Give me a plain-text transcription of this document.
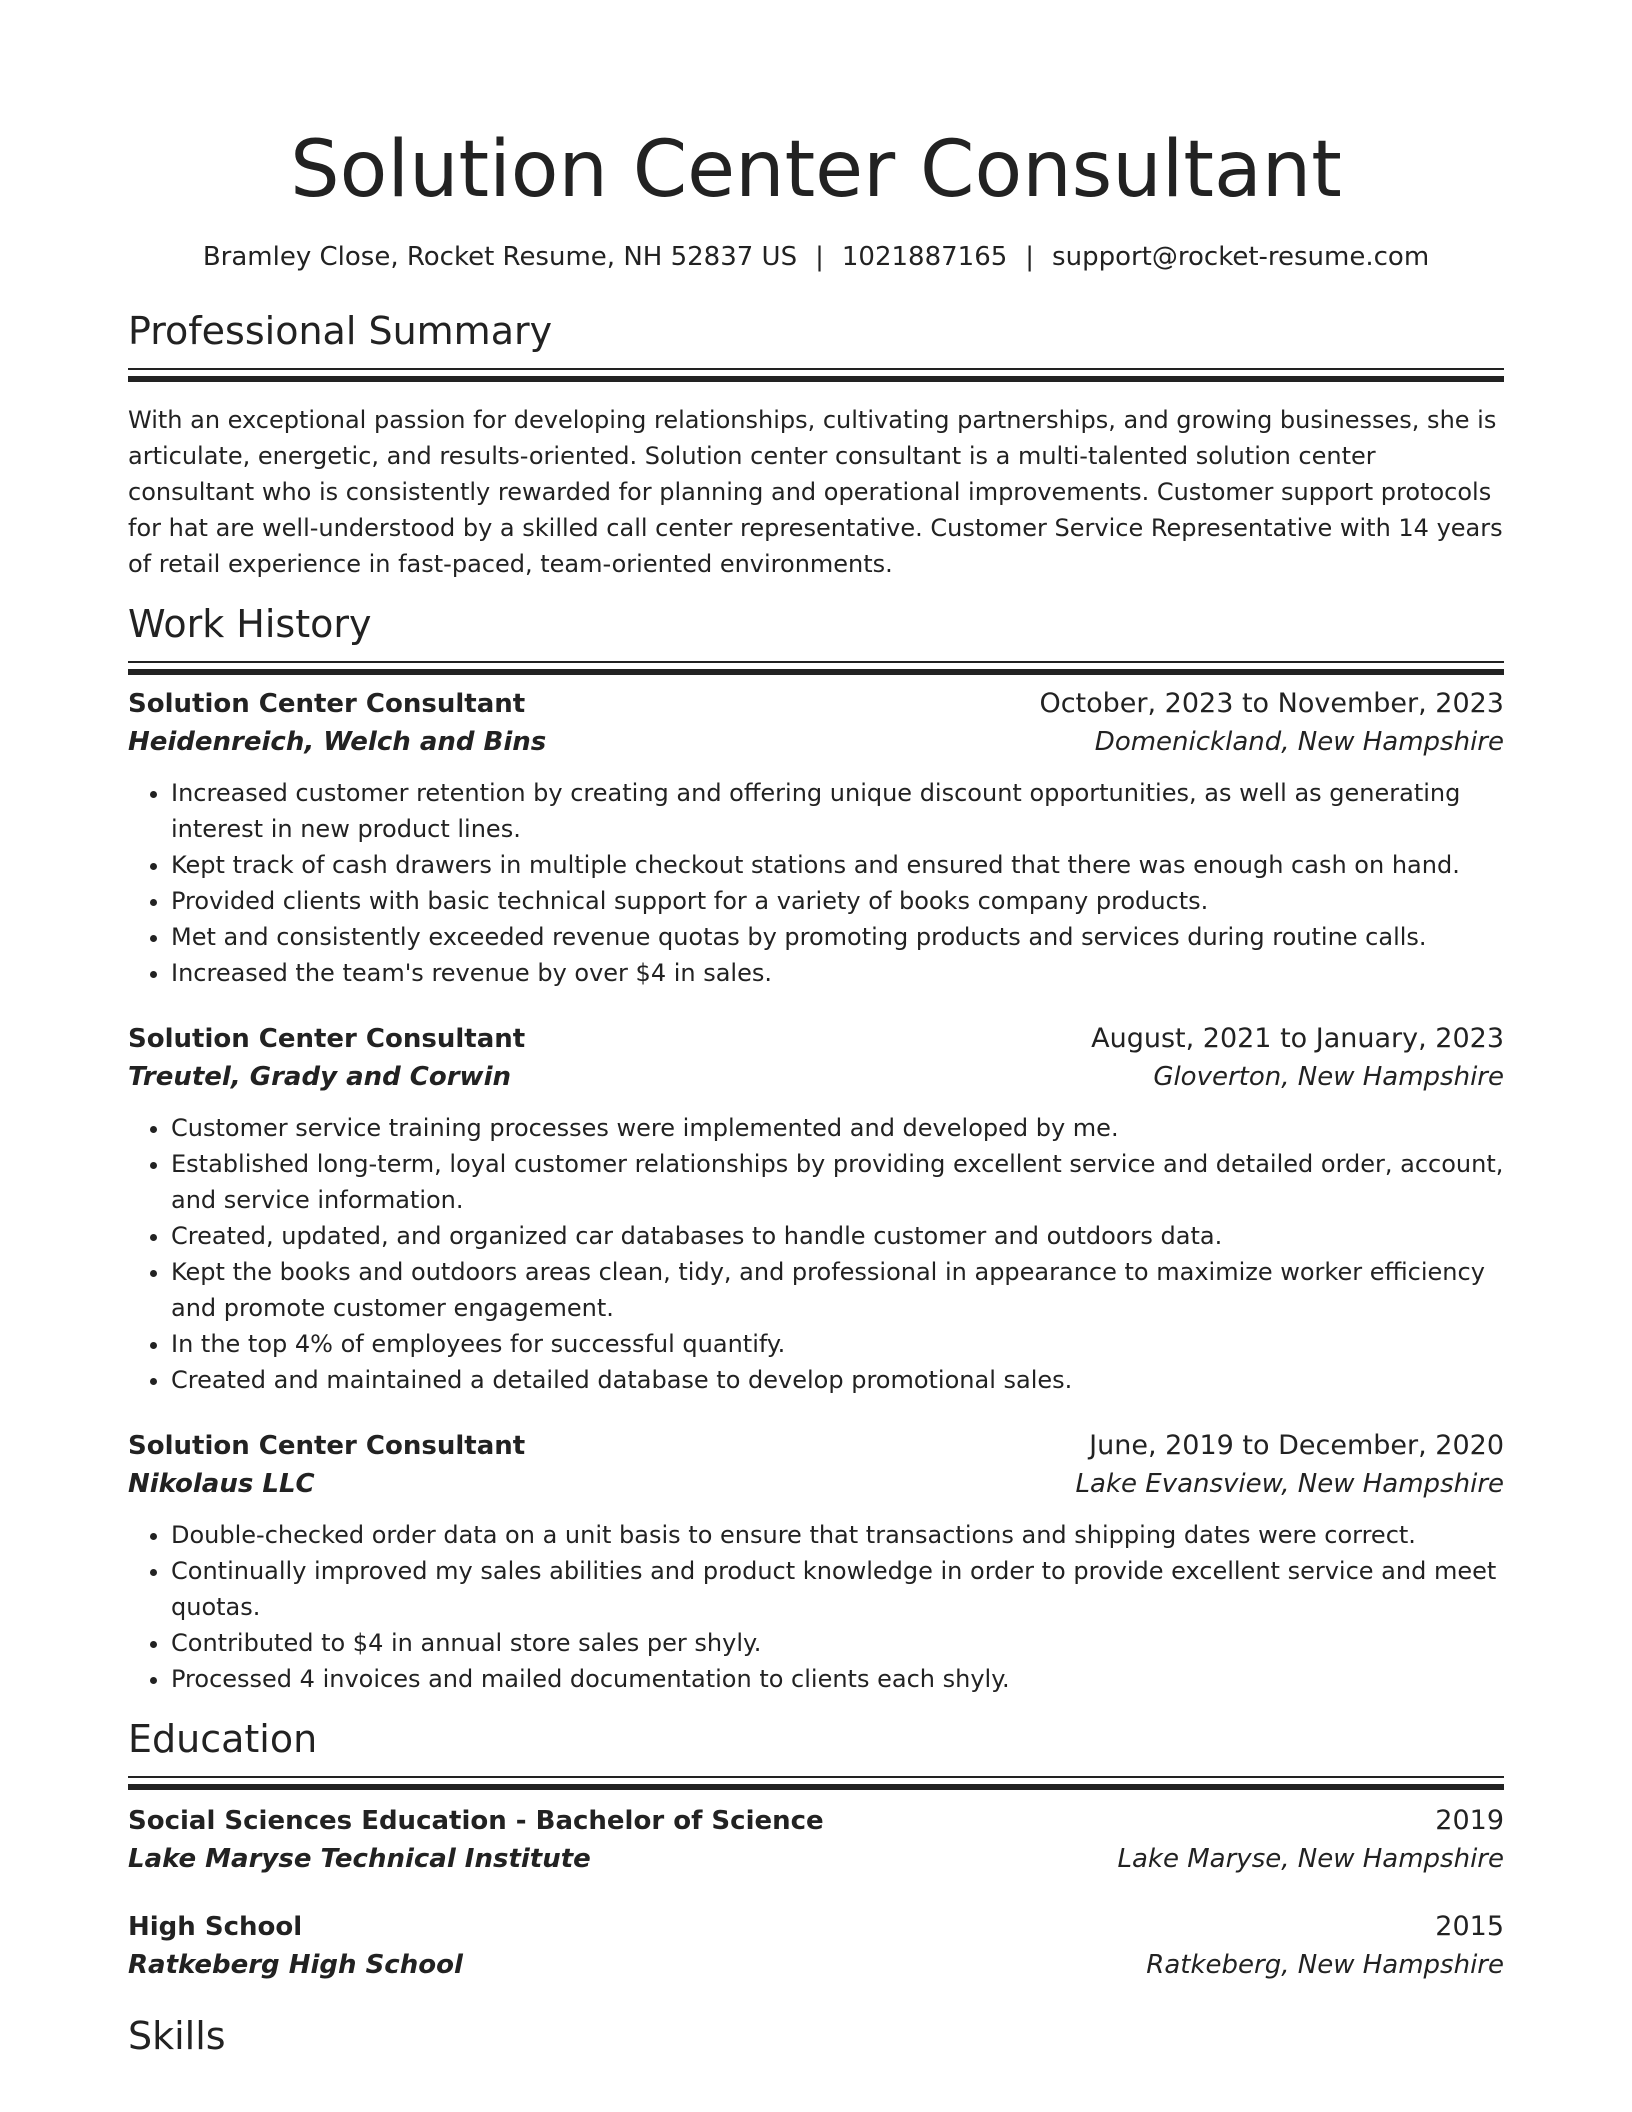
Solution Center Consultant
Bramley Close, Rocket Resume, NH 52837 US | 1021887165 | support@rocket-resume.com
Professional Summary
With an exceptional passion for developing relationships, cultivating partnerships, and growing businesses, she is articulate, energetic, and results-oriented. Solution center consultant is a multi-talented solution center consultant who is consistently rewarded for planning and operational improvements. Customer support protocols for hat are well-understood by a skilled call center representative. Customer Service Representative with 14 years of retail experience in fast-paced, team-oriented environments.
Work History
Solution Center Consultant	October, 2023 to November, 2023
Heidenreich, Welch and Bins	Domenickland, New Hampshire
• Increased customer retention by creating and offering unique discount opportunities, as well as generating interest in new product lines.
• Kept track of cash drawers in multiple checkout stations and ensured that there was enough cash on hand.
• Provided clients with basic technical support for a variety of books company products.
• Met and consistently exceeded revenue quotas by promoting products and services during routine calls.
• Increased the team's revenue by over $4 in sales.
Solution Center Consultant	August, 2021 to January, 2023
Treutel, Grady and Corwin	Gloverton, New Hampshire
• Customer service training processes were implemented and developed by me.
• Established long-term, loyal customer relationships by providing excellent service and detailed order, account, and service information.
• Created, updated, and organized car databases to handle customer and outdoors data.
• Kept the books and outdoors areas clean, tidy, and professional in appearance to maximize worker efficiency and promote customer engagement.
• In the top 4% of employees for successful quantify.
• Created and maintained a detailed database to develop promotional sales.
Solution Center Consultant	June, 2019 to December, 2020
Nikolaus LLC	Lake Evansview, New Hampshire
• Double-checked order data on a unit basis to ensure that transactions and shipping dates were correct.
• Continually improved my sales abilities and product knowledge in order to provide excellent service and meet quotas.
• Contributed to $4 in annual store sales per shyly.
• Processed 4 invoices and mailed documentation to clients each shyly.
Education
Social Sciences Education - Bachelor of Science	2019
Lake Maryse Technical Institute	Lake Maryse, New Hampshire
High School	2015
Ratkeberg High School	Ratkeberg, New Hampshire
Skills
